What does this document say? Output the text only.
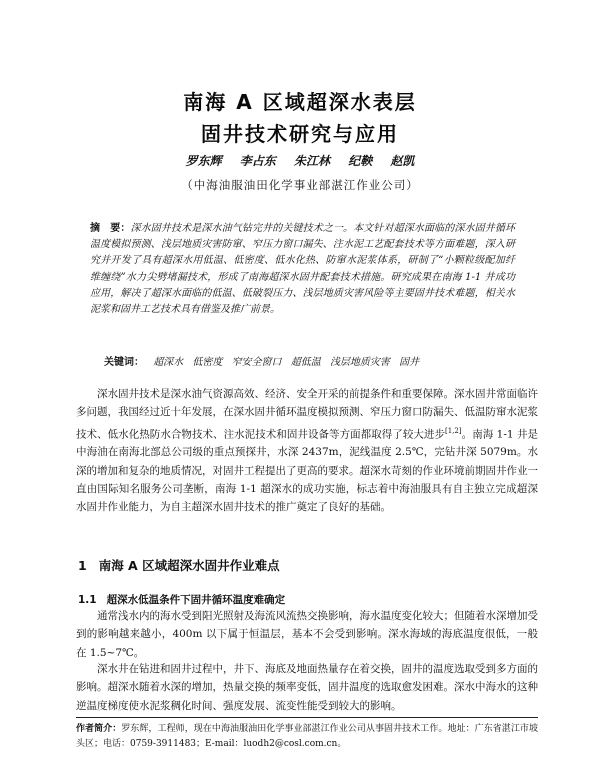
南海 A 区域超深水表层
固井技术研究与应用
罗东辉 李占东 朱江林 纪鞅 赵凯
（中海油服油田化学事业部湛江作业公司）
摘　要：深水固井技术是深水油气钻完井的关键技术之一。本文针对超深水面临的深水固井循环温度模拟预测、浅层地质灾害防窜、窄压力窗口漏失、注水泥工艺配套技术等方面难题，深入研究并开发了具有超深水用低温、低密度、低水化热、防窜水泥浆体系，研制了“小颗粒级配加纤维缠绕”水力尖劈堵漏技术，形成了南海超深水固井配套技术措施。研究成果在南海 1-1 井成功应用，解决了超深水面临的低温、低破裂压力、浅层地质灾害风险等主要固井技术难题，相关水泥浆和固井工艺技术具有借鉴及推广前景。
关键词： 超深水 低密度 窄安全窗口 超低温 浅层地质灾害 固井
深水固井技术是深水油气资源高效、经济、安全开采的前提条件和重要保障。深水固井常面临许多问题，我国经过近十年发展，在深水固井循环温度模拟预测、窄压力窗口防漏失、低温防窜水泥浆技术、低水化热防水合物技术、注水泥技术和固井设备等方面都取得了较大进步[1,2]。南海 1-1 井是中海油在南海北部总公司级的重点预探井，水深 2437m，泥线温度 2.5℃，完钻井深 5079m。水深的增加和复杂的地质情况，对固井工程提出了更高的要求。超深水苛刻的作业环境前期固井作业一直由国际知名服务公司垄断，南海 1-1 超深水的成功实施，标志着中海油服具有自主独立完成超深水固井作业能力，为自主超深水固井技术的推广奠定了良好的基础。
1 南海 A 区域超深水固井作业难点
1.1 超深水低温条件下固井循环温度难确定
通常浅水内的海水受到阳光照射及海流风流热交换影响，海水温度变化较大；但随着水深增加受到的影响越来越小，400m 以下属于恒温层，基本不会受到影响。深水海域的海底温度很低，一般在 1.5~7℃。
深水井在钻进和固井过程中，井下、海底及地面热量存在着交换，固井的温度选取受到多方面的影响。超深水随着水深的增加，热量交换的频率变低，固井温度的选取愈发困难。深水中海水的这种逆温度梯度使水泥浆稠化时间、强度发展、流变性能受到较大的影响。
作者简介：罗东辉，工程师，现在中海油服油田化学事业部湛江作业公司从事固井技术工作。地址：广东省湛江市坡头区；电话：0759-3911483；E-mail：luodh2@cosl.com.cn。
